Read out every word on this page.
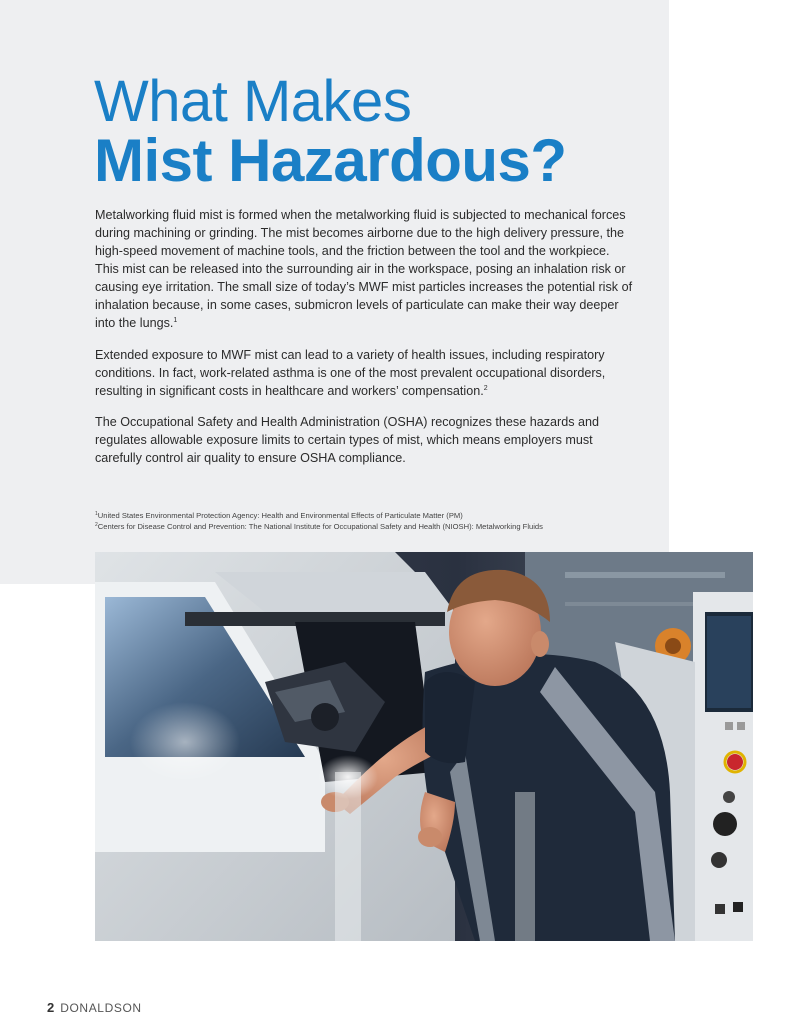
What Makes
Mist Hazardous?

Metalworking fluid mist is formed when the metalworking fluid is subjected to mechanical forces during machining or grinding. The mist becomes airborne due to the high delivery pressure, the high-speed movement of machine tools, and the friction between the tool and the workpiece. This mist can be released into the surrounding air in the workspace, posing an inhalation risk or causing eye irritation. The small size of today’s MWF mist particles increases the potential risk of inhalation because, in some cases, submicron levels of particulate can make their way deeper into the lungs.$^1$

Extended exposure to MWF mist can lead to a variety of health issues, including respiratory conditions. In fact, work-related asthma is one of the most prevalent occupational disorders, resulting in significant costs in healthcare and workers’ compensation.$^2$

The Occupational Safety and Health Administration (OSHA) recognizes these hazards and regulates allowable exposure limits to certain types of mist, which means employers must carefully control air quality to ensure OSHA compliance.

$^1$United States Environmental Protection Agency: Health and Environmental Effects of Particulate Matter (PM)
$^2$Centers for Disease Control and Prevention: The National Institute for Occupational Safety and Health (NIOSH): Metalworking Fluids
2 DONALDSON
